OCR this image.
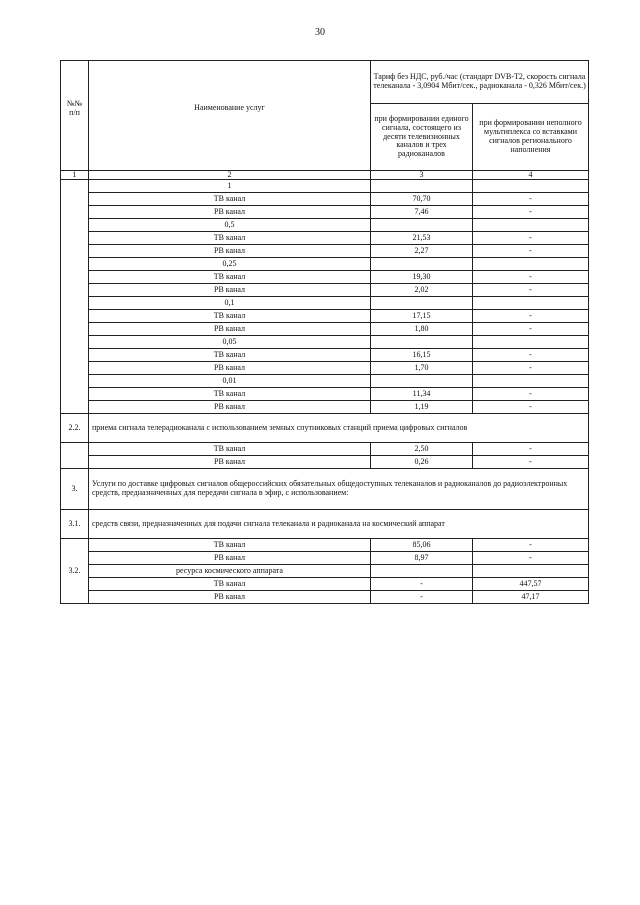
30
№№ п/п	Наименование услуг	Тариф без НДС, руб./час (стандарт DVB-T2, скорость сигнала телеканала - 3,0904 Мбит/сек., радиоканала - 0,326 Мбит/сек.)	
		при формировании единого сигнала, состоящего из десяти телевизионных каналов и трех радиоканалов	при формировании неполного мультиплекса со вставками сигналов регионального наполнения
1	2	3	4
	1		
	ТВ канал	70,70	-
	РВ канал	7,46	-
	0,5		
	ТВ канал	21,53	-
	РВ канал	2,27	-
	0,25		
	ТВ канал	19,30	-
	РВ канал	2,02	-
	0,1		
	ТВ канал	17,15	-
	РВ канал	1,80	-
	0,05		
	ТВ канал	16,15	-
	РВ канал	1,70	-
	0,01		
	ТВ канал	11,34	-
	РВ канал	1,19	-
2.2.	приема сигнала телерадиоканала с использованием земных спутниковых станций приема цифровых сигналов		
	ТВ канал	2,50	-
	РВ канал	0,26	-
3.	Услуги по доставке цифровых сигналов общероссийских обязательных общедоступных телеканалов и радиоканалов до радиоэлектронных средств, предназначенных для передачи сигнала в эфир, с использованием:		
3.1.	средств связи, предназначенных для подачи сигнала телеканала и радиоканала на космический аппарат		
3.2.	ТВ канал	85,06	-
	РВ канал	8,97	-
	ресурса космического аппарата		
	ТВ канал	-	447,57
	РВ канал	-	47,17
